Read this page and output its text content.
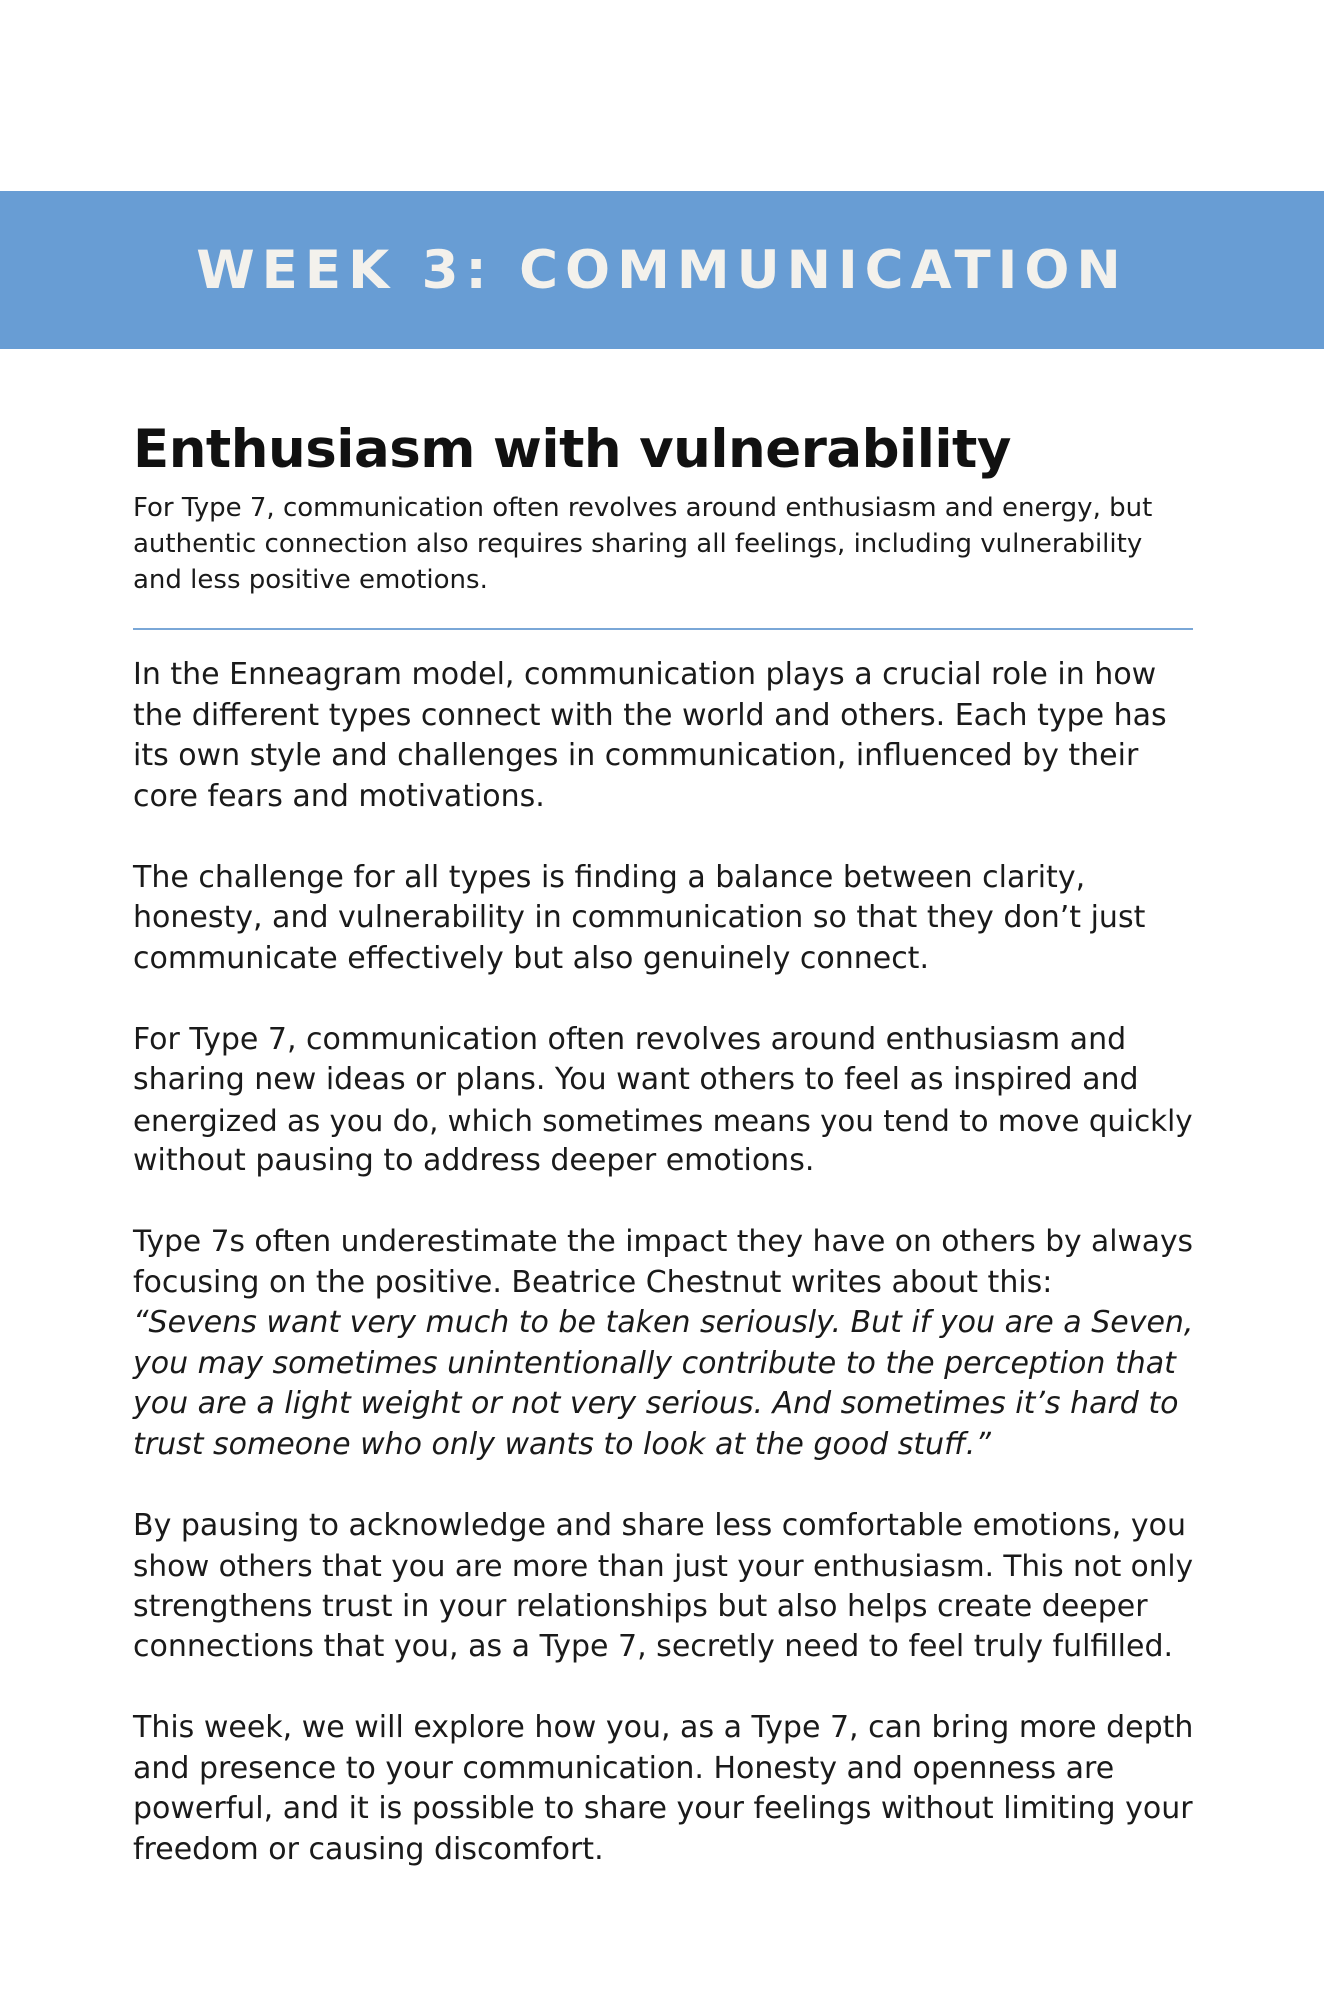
WEEK 3: COMMUNICATION
Enthusiasm with vulnerability

For Type 7, communication often revolves around enthusiasm and energy, but
authentic connection also requires sharing all feelings, including vulnerability
and less positive emotions.

In the Enneagram model, communication plays a crucial role in how
the different types connect with the world and others. Each type has
its own style and challenges in communication, influenced by their
core fears and motivations.

The challenge for all types is finding a balance between clarity,
honesty, and vulnerability in communication so that they don’t just
communicate effectively but also genuinely connect.

For Type 7, communication often revolves around enthusiasm and
sharing new ideas or plans. You want others to feel as inspired and
energized as you do, which sometimes means you tend to move quickly
without pausing to address deeper emotions.

Type 7s often underestimate the impact they have on others by always
focusing on the positive. Beatrice Chestnut writes about this:
“Sevens want very much to be taken seriously. But if you are a Seven,
you may sometimes unintentionally contribute to the perception that
you are a light weight or not very serious. And sometimes it’s hard to
trust someone who only wants to look at the good stuff.”

By pausing to acknowledge and share less comfortable emotions, you
show others that you are more than just your enthusiasm. This not only
strengthens trust in your relationships but also helps create deeper
connections that you, as a Type 7, secretly need to feel truly fulfilled.

This week, we will explore how you, as a Type 7, can bring more depth
and presence to your communication. Honesty and openness are
powerful, and it is possible to share your feelings without limiting your
freedom or causing discomfort.
